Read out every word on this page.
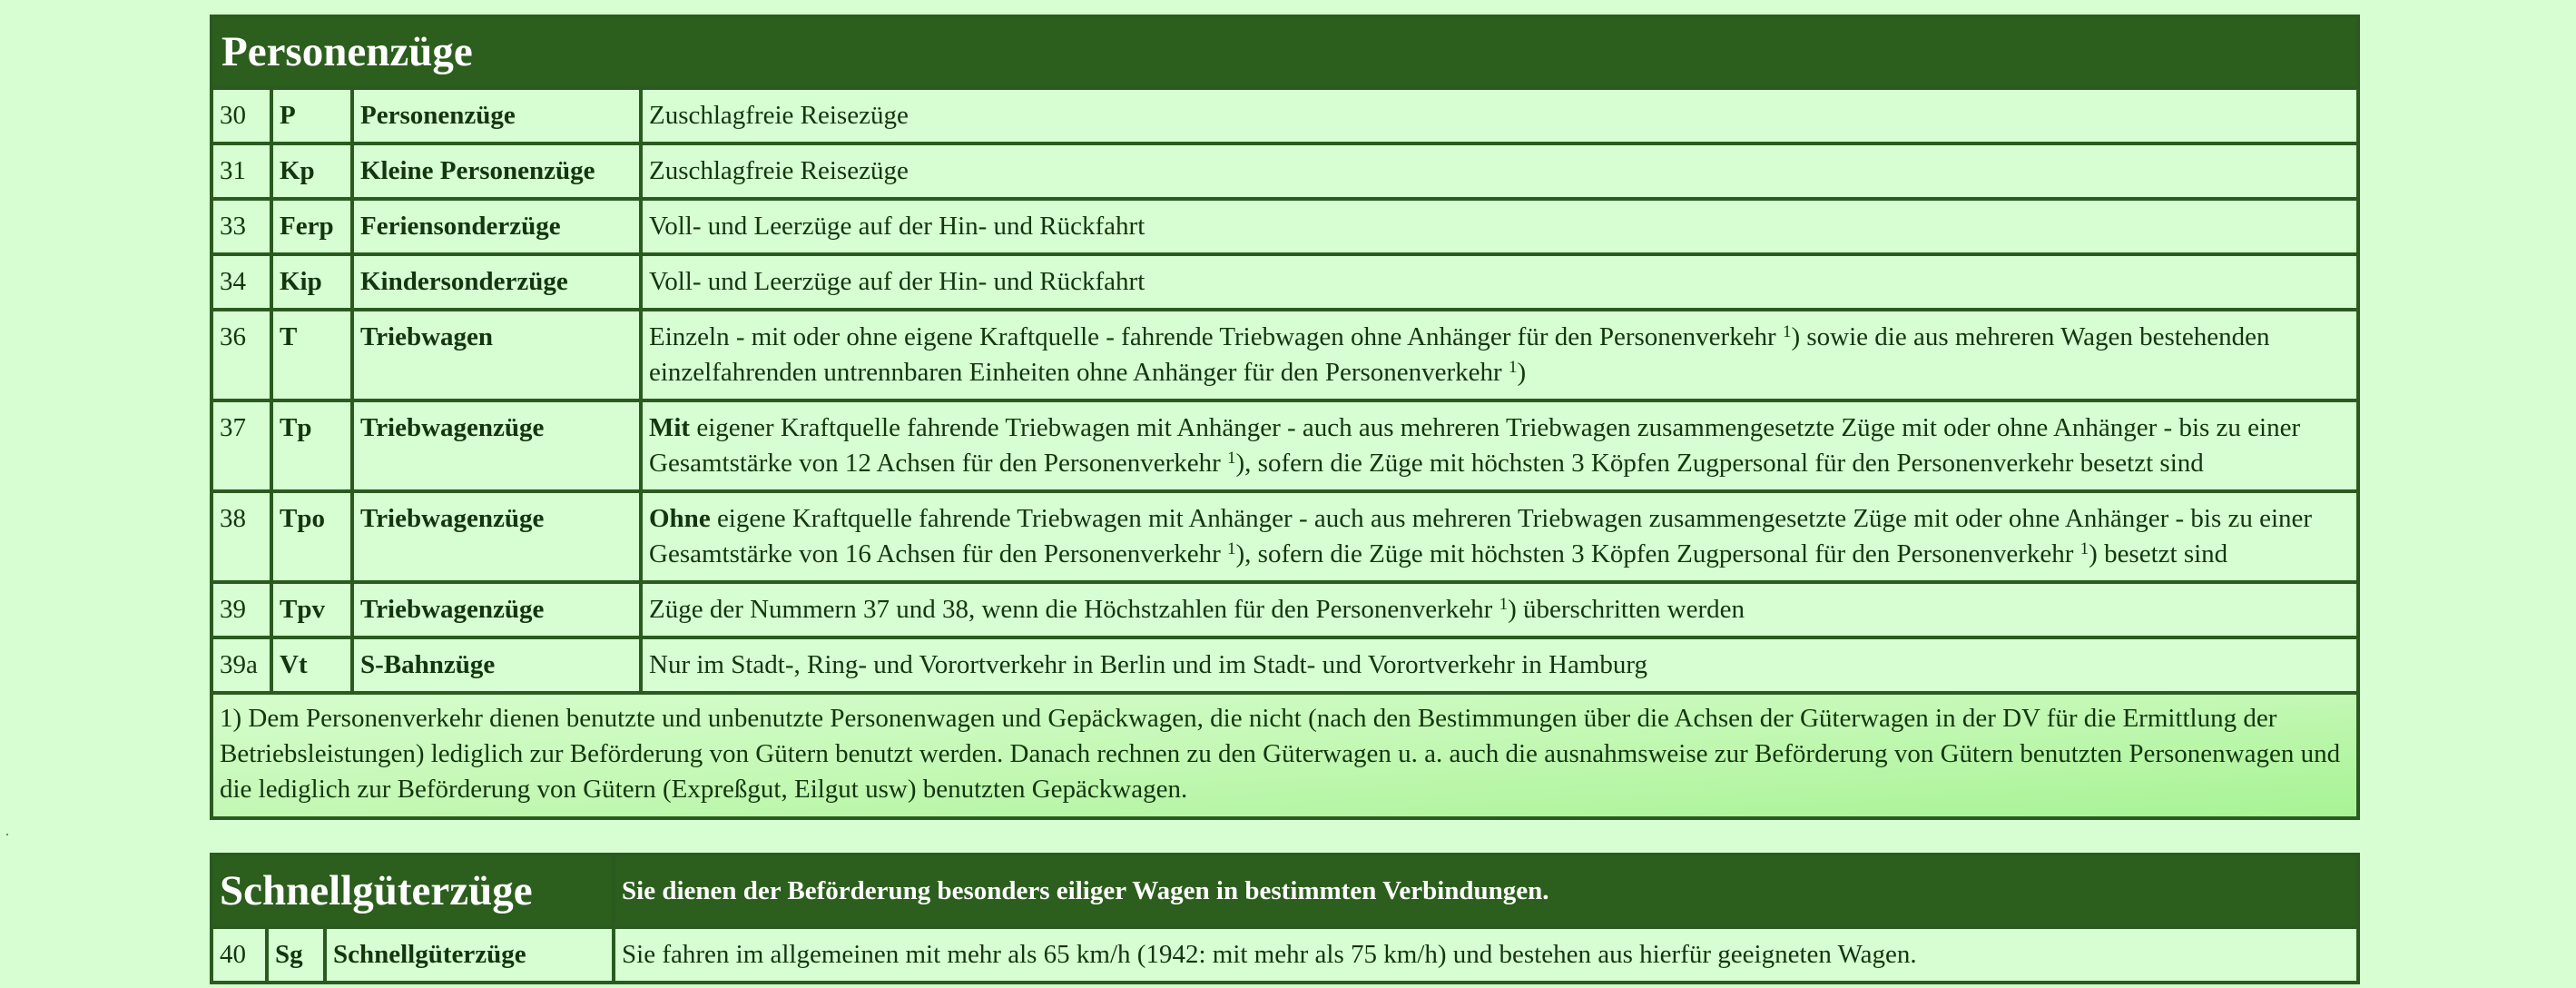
Personenzüge			
30	P	Personenzüge	Zuschlagfreie Reisezüge
31	Kp	Kleine Personenzüge	Zuschlagfreie Reisezüge
33	Ferp	Feriensonderzüge	Voll- und Leerzüge auf der Hin- und Rückfahrt
34	Kip	Kindersonderzüge	Voll- und Leerzüge auf der Hin- und Rückfahrt
36	T	Triebwagen	Einzeln - mit oder ohne eigene Kraftquelle - fahrende Triebwagen ohne Anhänger für den Personenverkehr $^1$) sowie die aus mehreren Wagen bestehenden einzelfahrenden untrennbaren Einheiten ohne Anhänger für den Personenverkehr $^1$)
37	Tp	Triebwagenzüge	Mit eigener Kraftquelle fahrende Triebwagen mit Anhänger - auch aus mehreren Triebwagen zusammengesetzte Züge mit oder ohne Anhänger - bis zu einer Gesamtstärke von 12 Achsen für den Personenverkehr $^1$), sofern die Züge mit höchsten 3 Köpfen Zugpersonal für den Personenverkehr besetzt sind
38	Tpo	Triebwagenzüge	Ohne eigene Kraftquelle fahrende Triebwagen mit Anhänger - auch aus mehreren Triebwagen zusammengesetzte Züge mit oder ohne Anhänger - bis zu einer Gesamtstärke von 16 Achsen für den Personenverkehr $^1$), sofern die Züge mit höchsten 3 Köpfen Zugpersonal für den Personenverkehr $^1$) besetzt sind
39	Tpv	Triebwagenzüge	Züge der Nummern 37 und 38, wenn die Höchstzahlen für den Personenverkehr $^1$) überschritten werden
39a	Vt	S-Bahnzüge	Nur im Stadt-, Ring- und Vorortverkehr in Berlin und im Stadt- und Vorortverkehr in Hamburg
1) Dem Personenverkehr dienen benutzte und unbenutzte Personenwagen und Gepäckwagen, die nicht (nach den Bestimmungen über die Achsen der Güterwagen in der DV für die Ermittlung der Betriebsleistungen) lediglich zur Beförderung von Gütern benutzt werden. Danach rechnen zu den Güterwagen u. a. auch die ausnahmsweise zur Beförderung von Gütern benutzten Personenwagen und die lediglich zur Beförderung von Gütern (Expreßgut, Eilgut usw) benutzten Gepäckwagen.			
Schnellgüterzüge			Sie dienen der Beförderung besonders eiliger Wagen in bestimmten Verbindungen.
40	Sg	Schnellgüterzüge	Sie fahren im allgemeinen mit mehr als 65 km/h (1942: mit mehr als 75 km/h) und bestehen aus hierfür geeigneten Wagen.
